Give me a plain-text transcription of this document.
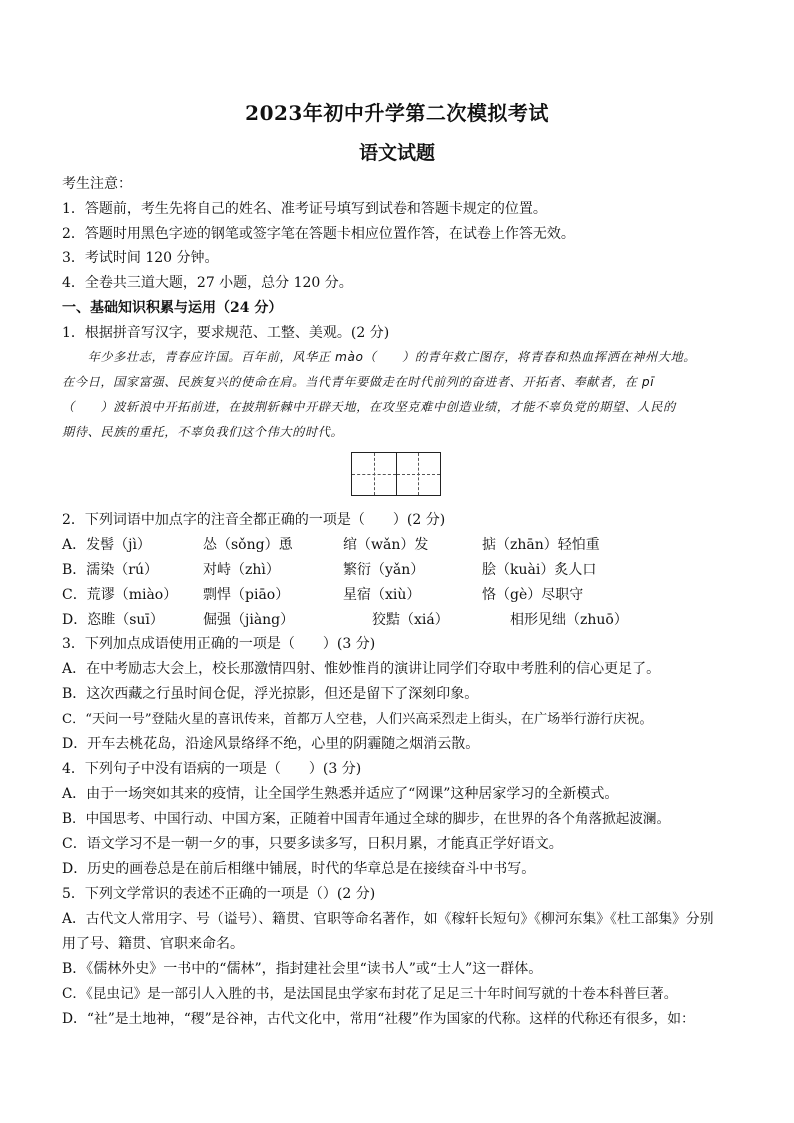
2023年初中升学第二次模拟考试
语文试题
考生注意：
1．答题前，考生先将自己的姓名、准考证号填写到试卷和答题卡规定的位置。
2．答题时用黑色字迹的钢笔或签字笔在答题卡相应位置作答，在试卷上作答无效。
3．考试时间 120 分钟。
4．全卷共三道大题，27 小题，总分 120 分。
一、基础知识积累与运用（24 分）
1．根据拼音写汉字，要求规范、工整、美观。(2 分)
　　年少多壮志，青春应许国。百年前，风华正 mào（　　）的青年救亡图存，将青春和热血挥洒在神州大地。
在今日，国家富强、民族复兴的使命在肩。当代青年要做走在时代前列的奋进者、开拓者、奉献者，在 pī
（　　）波斩浪中开拓前进，在披荆斩棘中开辟天地，在攻坚克难中创造业绩，才能不辜负党的期望、人民的
期待、民族的重托，不辜负我们这个伟大的时代。
2．下列词语中加点字的注音全都正确的一项是（　　）(2 分)
A．发髻（jì）	怂（sǒng）恿	绾（wǎn）发	掂（zhān）轻怕重
B．濡染（rú）	对峙（zhì）	繁衍（yǎn）	脍（kuài）炙人口
C．荒谬（miào） 剽悍（piāo）	星宿（xiù）	恪（gè）尽职守
D．恣睢（suī）	倔强（jiàng）	狡黠（xiá）	相形见绌（zhuō）
3．下列加点成语使用正确的一项是（　　）(3 分)
A．在中考励志大会上，校长那激情四射、惟妙惟肖的演讲让同学们夺取中考胜利的信心更足了。
B．这次西藏之行虽时间仓促，浮光掠影，但还是留下了深刻印象。
C．“天问一号”登陆火星的喜讯传来，首都万人空巷，人们兴高采烈走上街头，在广场举行游行庆祝。
D．开车去桃花岛，沿途风景络绎不绝，心里的阴霾随之烟消云散。
4．下列句子中没有语病的一项是（　　）(3 分)
A．由于一场突如其来的疫情，让全国学生熟悉并适应了“网课”这种居家学习的全新模式。
B．中国思考、中国行动、中国方案，正随着中国青年通过全球的脚步，在世界的各个角落掀起波澜。
C．语文学习不是一朝一夕的事，只要多读多写，日积月累，才能真正学好语文。
D．历史的画卷总是在前后相继中铺展，时代的华章总是在接续奋斗中书写。
5．下列文学常识的表述不正确的一项是（）(2 分)
A．古代文人常用字、号（谥号）、籍贯、官职等命名著作，如《稼轩长短句》《柳河东集》《杜工部集》分别
用了号、籍贯、官职来命名。
B．《儒林外史》一书中的“儒林”，指封建社会里“读书人”或“士人”这一群体。
C．《昆虫记》是一部引人入胜的书，是法国昆虫学家布封花了足足三十年时间写就的十卷本科普巨著。
D．“社”是土地神，“稷”是谷神，古代文化中，常用“社稷”作为国家的代称。这样的代称还有很多，如：
